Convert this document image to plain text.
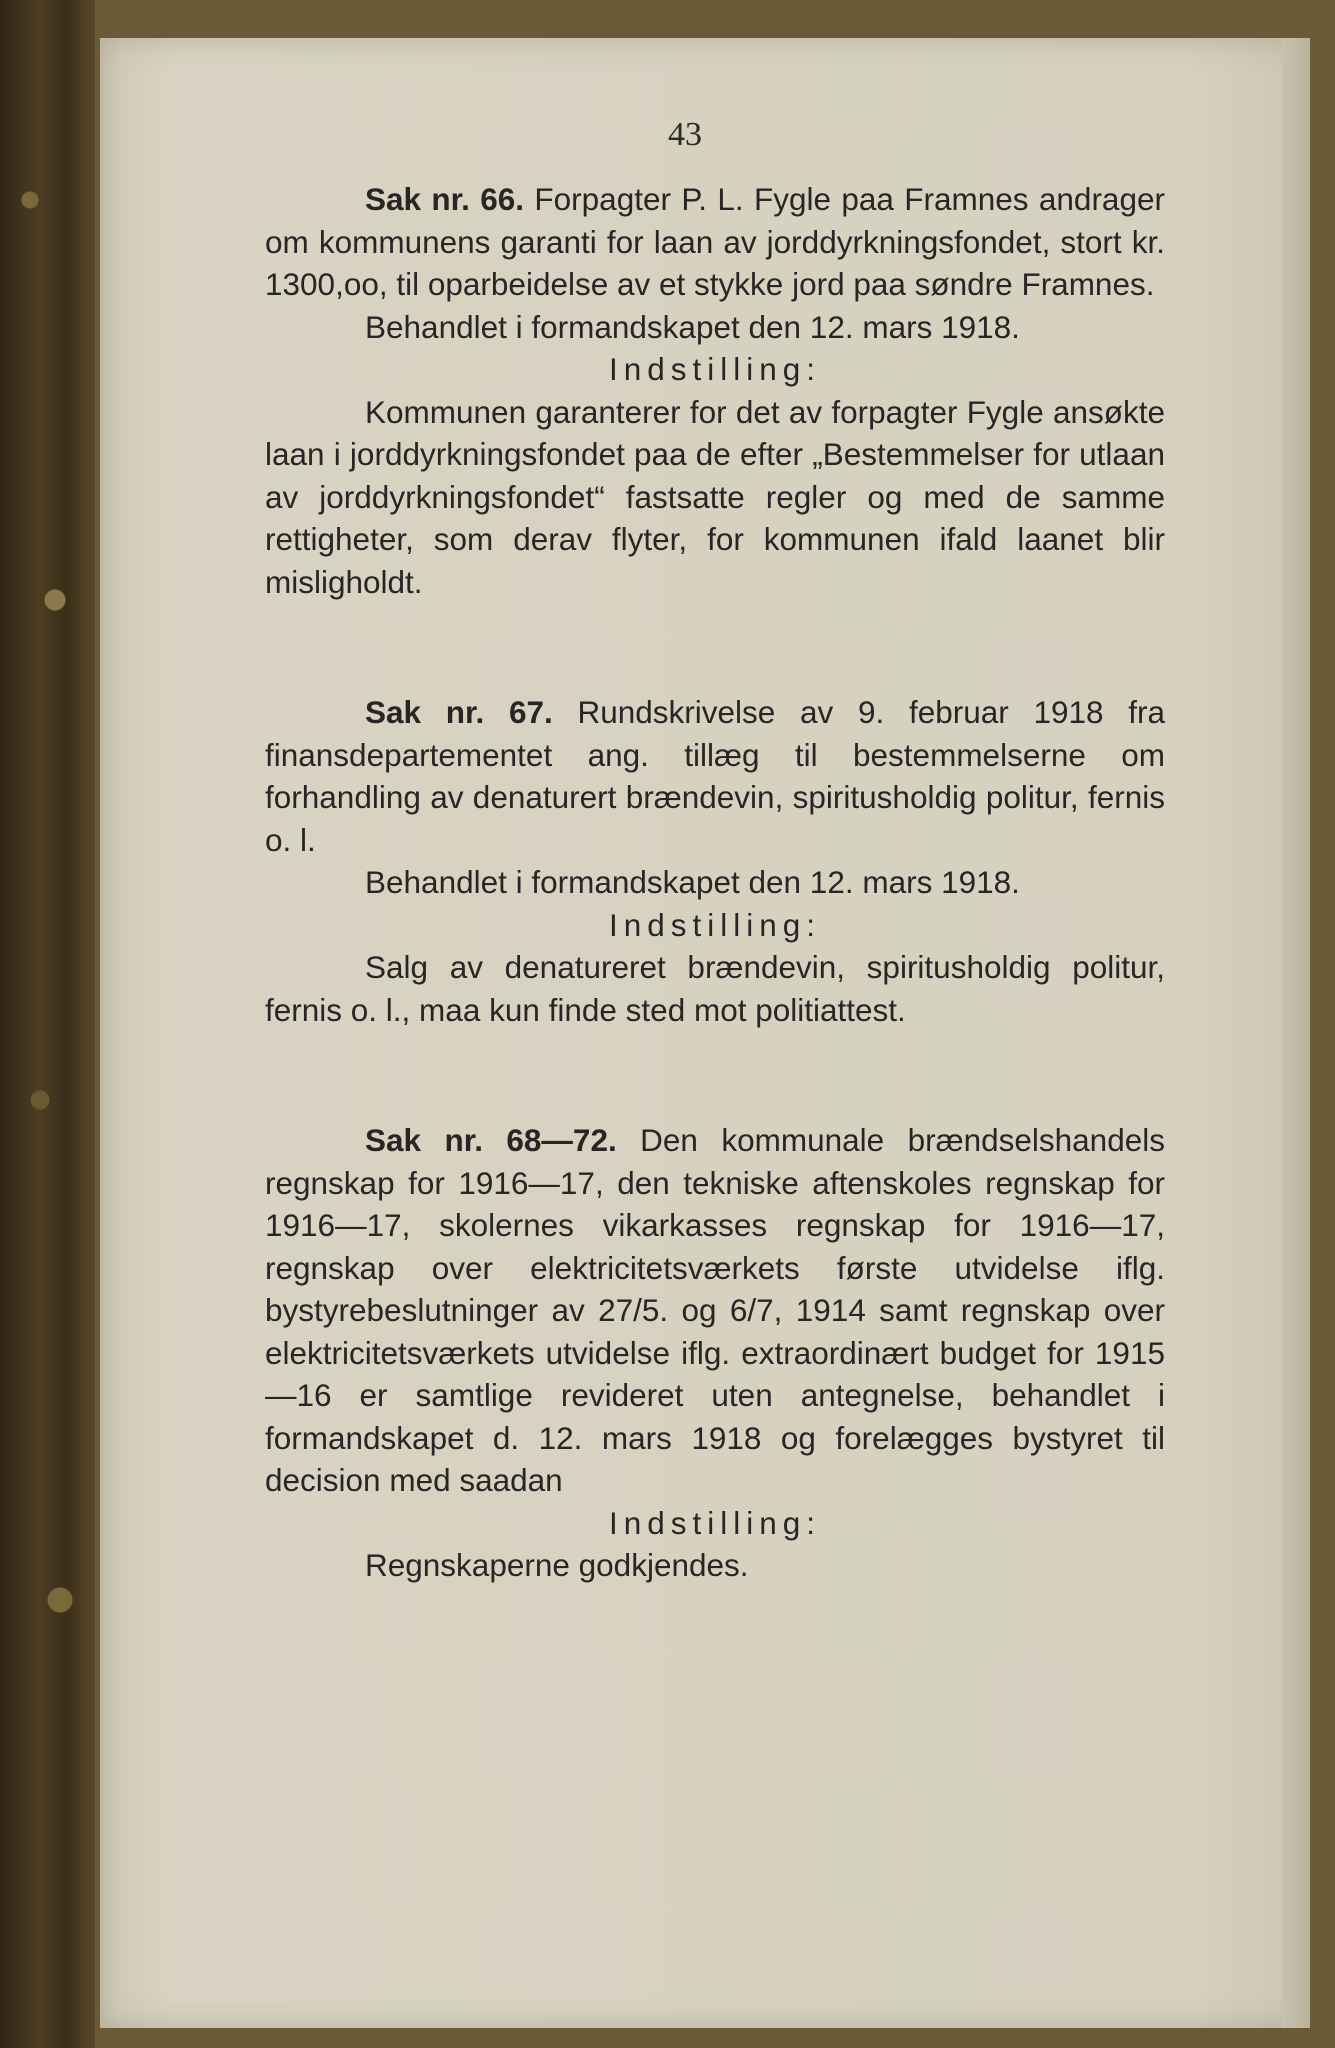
43

Sak nr. 66. Forpagter P. L. Fygle paa Framnes andrager om kommunens garanti for laan av jorddyrkningsfondet, stort kr. 1300,oo, til oparbeidelse av et stykke jord paa søndre Framnes.

Behandlet i formandskapet den 12. mars 1918.

Indstilling:

Kommunen garanterer for det av forpagter Fygle ansøkte laan i jorddyrkningsfondet paa de efter „Bestemmelser for utlaan av jorddyrkningsfondet“ fastsatte regler og med de samme rettigheter, som derav flyter, for kommunen ifald laanet blir misligholdt.

Sak nr. 67. Rundskrivelse av 9. februar 1918 fra finansdepartementet ang. tillæg til bestemmelserne om forhandling av denaturert brændevin, spiritusholdig politur, fernis o. l.

Behandlet i formandskapet den 12. mars 1918.

Indstilling:

Salg av denatureret brændevin, spiritusholdig politur, fernis o. l., maa kun finde sted mot politiattest.

Sak nr. 68—72. Den kommunale brændselshandels regnskap for 1916—17, den tekniske aftenskoles regnskap for 1916—17, skolernes vikarkasses regnskap for 1916—17, regnskap over elektricitetsværkets første utvidelse iflg. bystyrebeslutninger av 27/5. og 6/7, 1914 samt regnskap over elektricitetsværkets utvidelse iflg. extraordinært budget for 1915—16 er samtlige revideret uten antegnelse, behandlet i formandskapet d. 12. mars 1918 og forelægges bystyret til decision med saadan

Indstilling:

Regnskaperne godkjendes.
